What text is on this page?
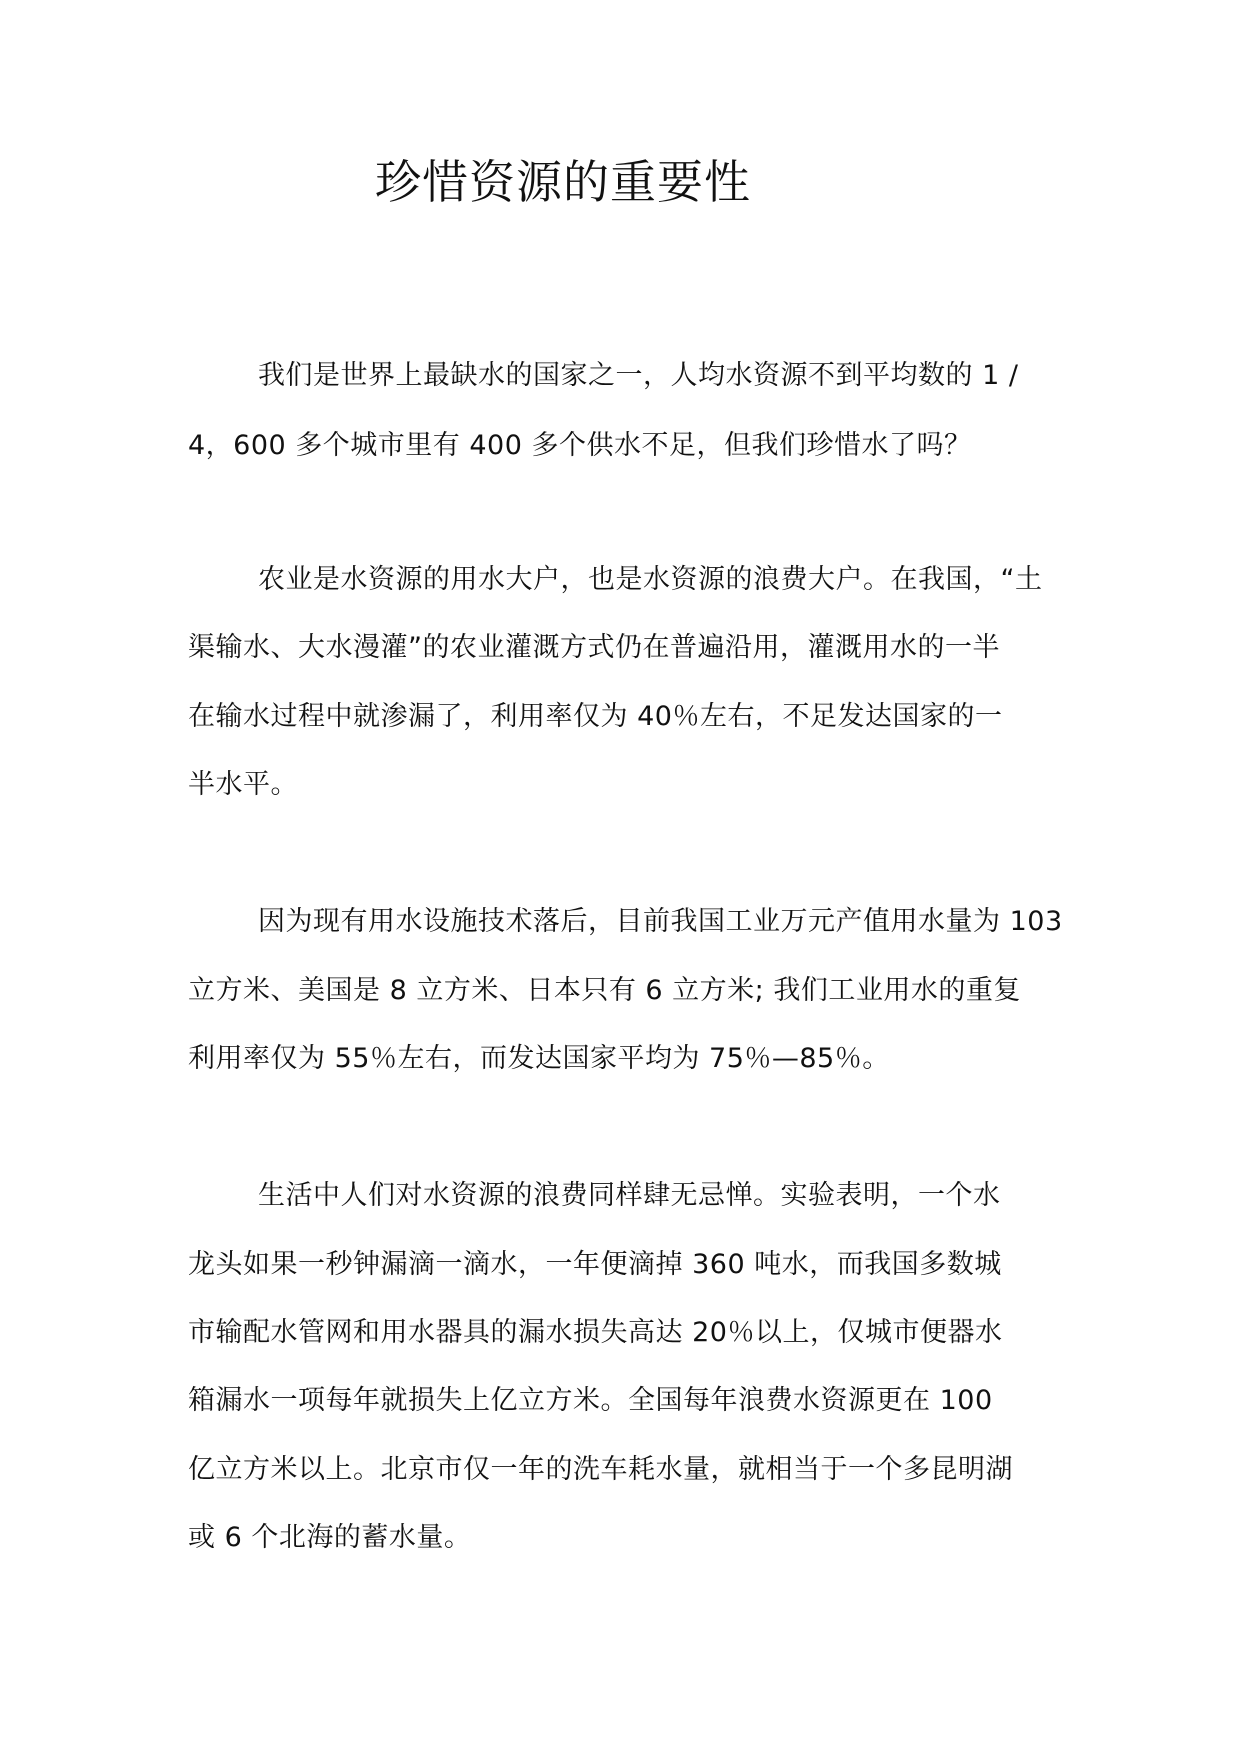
珍惜资源的重要性
我们是世界上最缺水的国家之一，人均水资源不到平均数的 1 /
4，600 多个城市里有 400 多个供水不足，但我们珍惜水了吗？
农业是水资源的用水大户，也是水资源的浪费大户。在我国，“土
渠输水、大水漫灌”的农业灌溉方式仍在普遍沿用，灌溉用水的一半
在输水过程中就渗漏了，利用率仅为 40％左右，不足发达国家的一
半水平。
因为现有用水设施技术落后，目前我国工业万元产值用水量为 103
立方米、美国是 8 立方米、日本只有 6 立方米; 我们工业用水的重复
利用率仅为 55％左右，而发达国家平均为 75％—85％。
生活中人们对水资源的浪费同样肆无忌惮。实验表明，一个水
龙头如果一秒钟漏滴一滴水，一年便滴掉 360 吨水，而我国多数城
市输配水管网和用水器具的漏水损失高达 20％以上，仅城市便器水
箱漏水一项每年就损失上亿立方米。全国每年浪费水资源更在 100
亿立方米以上。北京市仅一年的洗车耗水量，就相当于一个多昆明湖
或 6 个北海的蓄水量。
